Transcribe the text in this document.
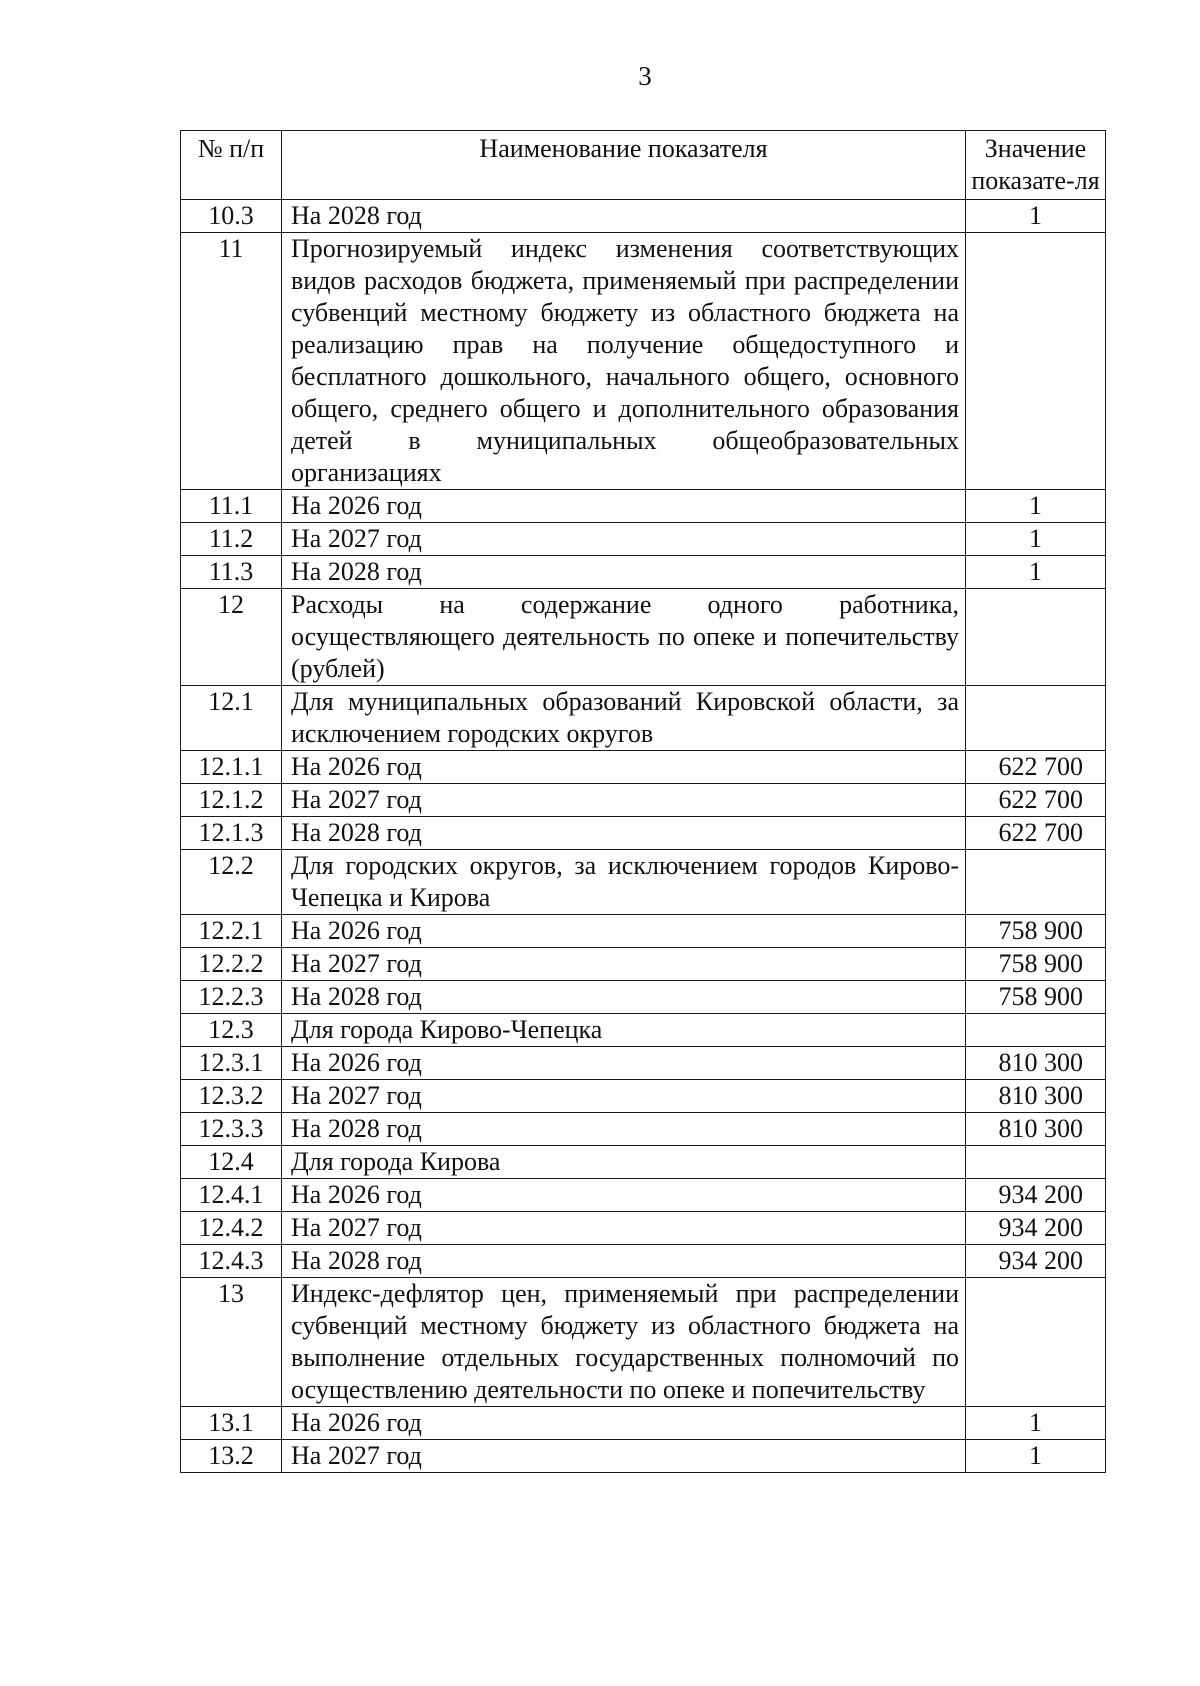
3
№ п/п	Наименование показателя	Значение показате-ля
10.3	На 2028 год	1
11	Прогнозируемый индекс изменения соответствующих видов расходов бюджета, применяемый при распределении субвенций местному бюджету из областного бюджета на реализацию прав на получение общедоступного и бесплатного дошкольного, начального общего, основного общего, среднего общего и дополнительного образования детей в муниципальных общеобразовательных организациях	
11.1	На 2026 год	1
11.2	На 2027 год	1
11.3	На 2028 год	1
12	Расходы на содержание одного работника, осуществляющего деятельность по опеке и попечительству (рублей)	
12.1	Для муниципальных образований Кировской области, за исключением городских округов	
12.1.1	На 2026 год	622 700
12.1.2	На 2027 год	622 700
12.1.3	На 2028 год	622 700
12.2	Для городских округов, за исключением городов Кирово-Чепецка и Кирова	
12.2.1	На 2026 год	758 900
12.2.2	На 2027 год	758 900
12.2.3	На 2028 год	758 900
12.3	Для города Кирово-Чепецка	
12.3.1	На 2026 год	810 300
12.3.2	На 2027 год	810 300
12.3.3	На 2028 год	810 300
12.4	Для города Кирова	
12.4.1	На 2026 год	934 200
12.4.2	На 2027 год	934 200
12.4.3	На 2028 год	934 200
13	Индекс-дефлятор цен, применяемый при распределении субвенций местному бюджету из областного бюджета на выполнение отдельных государственных полномочий по осуществлению деятельности по опеке и попечительству	
13.1	На 2026 год	1
13.2	На 2027 год	1
